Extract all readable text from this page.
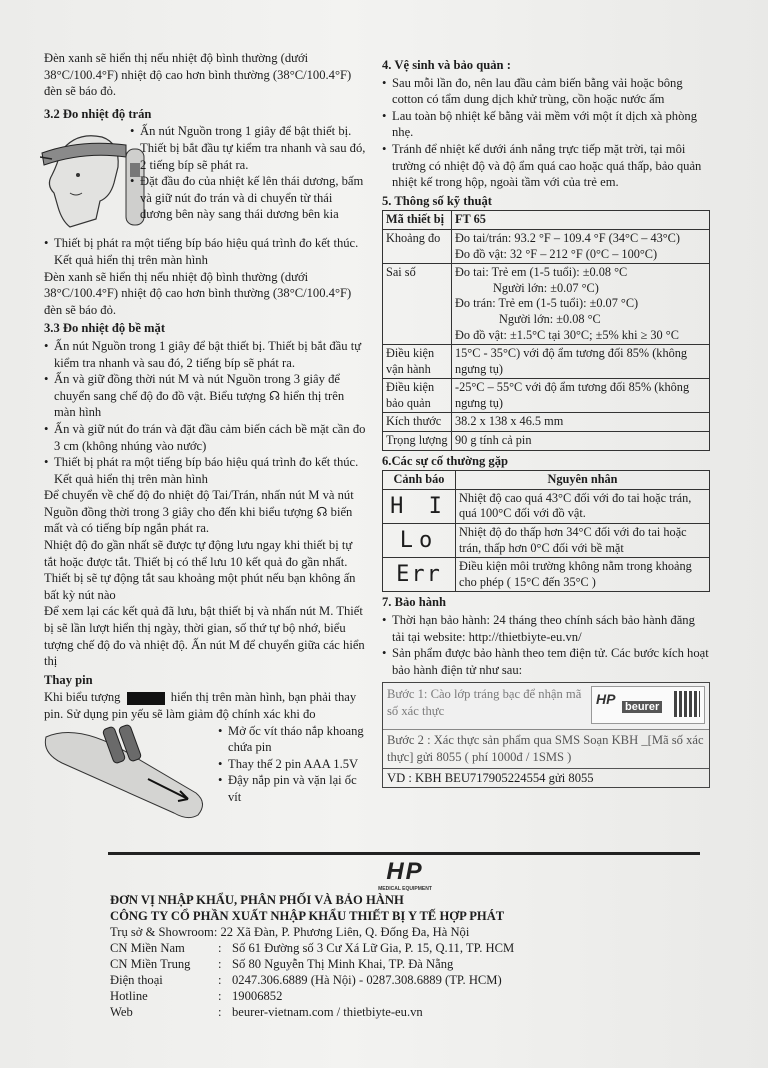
Đèn xanh sẽ hiển thị nếu nhiệt độ bình thường (dưới 38°C/100.4°F) nhiệt độ cao hơn bình thường (38°C/100.4°F) đèn sẽ báo đỏ.

3.2 Đo nhiệt độ trán
• Ấn nút Nguồn trong 1 giây để bật thiết bị. Thiết bị bắt đầu tự kiểm tra nhanh và sau đó, 2 tiếng bíp sẽ phát ra.
• Đặt đầu đo của nhiệt kế lên thái dương, bấm và giữ nút đo trán và di chuyển từ thái dương bên này sang thái dương bên kia
• Thiết bị phát ra một tiếng bíp báo hiệu quá trình đo kết thúc. Kết quả hiển thị trên màn hình

Đèn xanh sẽ hiển thị nếu nhiệt độ bình thường (dưới 38°C/100.4°F) nhiệt độ cao hơn bình thường (38°C/100.4°F) đèn sẽ báo đỏ.

3.3 Đo nhiệt độ bề mặt
• Ấn nút Nguồn trong 1 giây để bật thiết bị. Thiết bị bắt đầu tự kiểm tra nhanh và sau đó, 2 tiếng bíp sẽ phát ra.
• Ấn và giữ đồng thời nút M và nút Nguồn trong 3 giây để chuyển sang chế độ đo đồ vật. Biểu tượng ☊ hiển thị trên màn hình
• Ấn và giữ nút đo trán và đặt đầu cảm biến cách bề mặt cần đo 3 cm (không nhúng vào nước)
• Thiết bị phát ra một tiếng bíp báo hiệu quá trình đo kết thúc. Kết quả hiển thị trên màn hình

Để chuyển về chế độ đo nhiệt độ Tai/Trán, nhấn nút M và nút Nguồn đồng thời trong 3 giây cho đến khi biểu tượng ☊ biến mất và có tiếng bíp ngắn phát ra.

Nhiệt độ đo gần nhất sẽ được tự động lưu ngay khi thiết bị tự tắt hoặc được tắt. Thiết bị có thể lưu 10 kết quả đo gần nhất.

Thiết bị sẽ tự động tắt sau khoảng một phút nếu bạn không ấn bất kỳ nút nào

Để xem lại các kết quả đã lưu, bật thiết bị và nhấn nút M. Thiết bị sẽ lần lượt hiển thị ngày, thời gian, số thứ tự bộ nhớ, biểu tượng chế độ đo và nhiệt độ. Ấn nút M để chuyển giữa các hiển thị

Thay pin

Khi biểu tượng	hiển thị trên màn hình, bạn phải thay pin. Sử dụng pin yếu sẽ làm giảm độ chính xác khi đo

• Mở ốc vít tháo nắp khoang chứa pin
• Thay thế 2 pin AAA 1.5V
• Đậy nắp pin và vặn lại ốc vít
4. Vệ sinh và bảo quản :
• Sau mỗi lần đo, nên lau đầu cảm biến bằng vải hoặc bông cotton có tẩm dung dịch khử trùng, cồn hoặc nước ấm
• Lau toàn bộ nhiệt kế bằng vải mềm với một ít dịch xà phòng nhẹ.
• Tránh để nhiệt kế dưới ánh nắng trực tiếp mặt trời, tại môi trường có nhiệt độ và độ ẩm quá cao hoặc quá thấp, bảo quản nhiệt kế trong hộp, ngoài tầm với của trẻ em.
5. Thông số kỹ thuật
Mã thiết bị	FT 65
Khoảng đo	Đo tai/trán: 93.2 °F – 109.4 °F (34°C – 43°C)
Đo đồ vật: 32 °F – 212 °F (0°C – 100°C)

Sai số	Đo tai: Trẻ em (1-5 tuổi): ±0.08 °C
Người lớn: ±0.07 °C)
Đo trán: Trẻ em (1-5 tuổi): ±0.07 °C)
Người lớn: ±0.08 °C
Đo đồ vật: ±1.5°C tại 30°C; ±5% khi ≥ 30 °C

Điều kiện vận hành	15°C - 35°C) với độ ẩm tương đối 85% (không ngưng tụ)
Điều kiện bảo quản	-25°C – 55°C với độ ẩm tương đối 85% (không ngưng tụ)
Kích thước	38.2 x 138 x 46.5 mm
Trọng lượng	90 g tính cả pin
6.Các sự cố thường gặp
Cảnh báo	Nguyên nhân
H I	Nhiệt độ cao quá 43°C đối với đo tai hoặc trán, quá 100°C đối với đồ vật.
Lo	Nhiệt độ đo thấp hơn 34°C đối với đo tai hoặc trán, thấp hơn 0°C đối với bề mặt
Err	Điều kiện môi trường không nằm trong khoảng cho phép ( 15°C đến 35°C )
7. Bảo hành
• Thời hạn bảo hành: 24 tháng theo chính sách bảo hành đăng tải tại website: http://thietbiyte-eu.vn/
• Sản phẩm được bảo hành theo tem điện tử. Các bước kích hoạt bảo hành điện tử như sau:
Bước 1: Cào lớp tráng bạc để nhận mã số xác thực
HP beurer
Bước 2 : Xác thực sản phẩm qua SMS Soạn KBH _[Mã số xác thực] gửi 8055 ( phí 1000đ / 1SMS )
VD : KBH BEU717905224554 gửi 8055
HP
MEDICAL EQUIPMENT
ĐƠN VỊ NHẬP KHẨU, PHÂN PHỐI VÀ BẢO HÀNH
CÔNG TY CỔ PHẦN XUẤT NHẬP KHẨU THIẾT BỊ Y TẾ HỢP PHÁT
Trụ sở & Showroom: 22 Xã Đàn, P. Phương Liên, Q. Đống Đa, Hà Nội
CN Miền Nam	: Số 61 Đường số 3 Cư Xá Lữ Gia, P. 15, Q.11, TP. HCM
CN Miền Trung	: Số 80 Nguyễn Thị Minh Khai, TP. Đà Nẵng
Điện thoại	: 0247.306.6889 (Hà Nội) - 0287.308.6889 (TP. HCM)
Hotline	: 19006852
Web	: beurer-vietnam.com / thietbiyte-eu.vn
